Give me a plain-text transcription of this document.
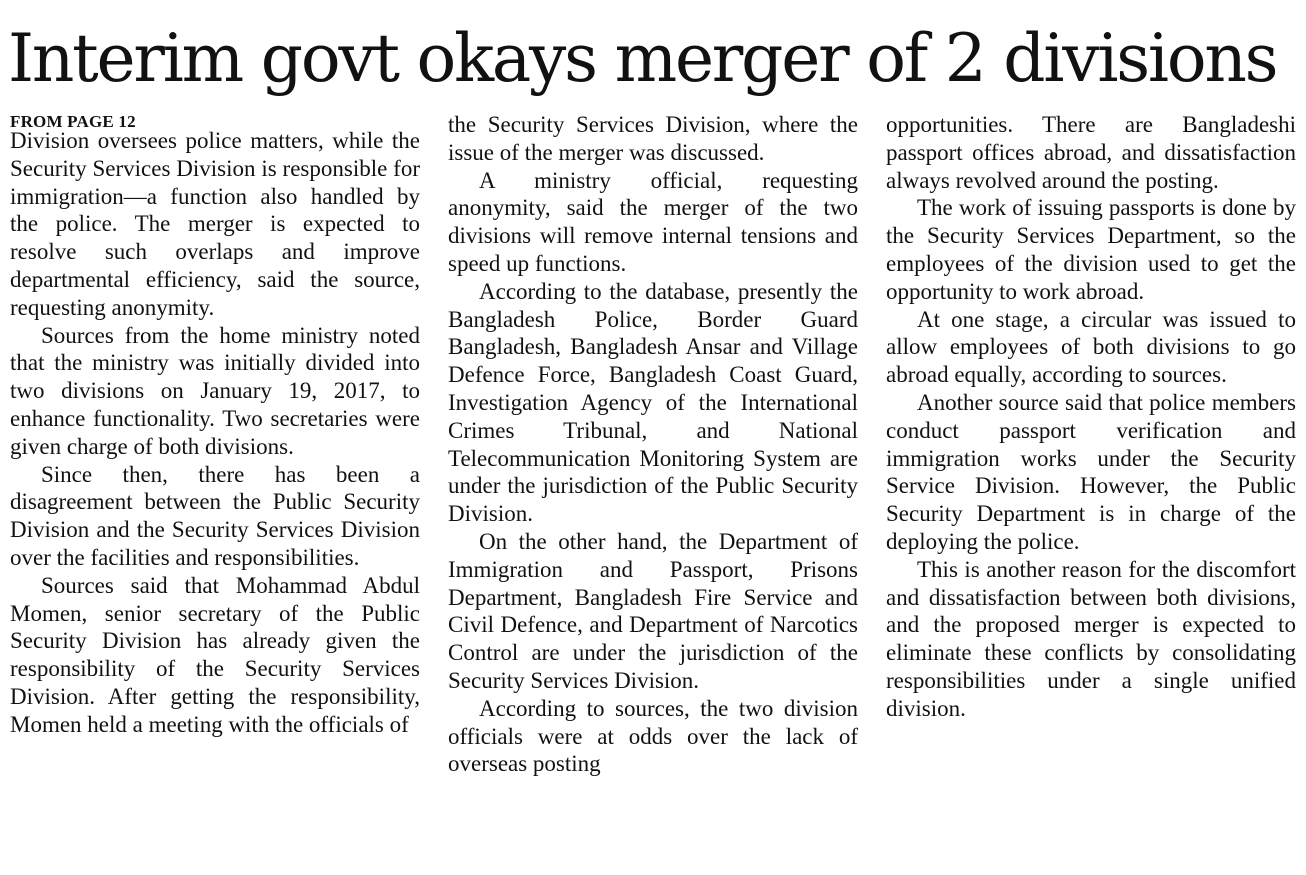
Interim govt okays merger of 2 divisions
FROM PAGE 12

Division oversees police matters, while the Security Services Division is responsible for immigration—a function also handled by the police. The merger is expected to resolve such overlaps and improve departmental efficiency, said the source, requesting anonymity.

Sources from the home ministry noted that the ministry was initially divided into two divisions on January 19, 2017, to enhance functionality. Two secretaries were given charge of both divisions.

Since then, there has been a disagreement between the Public Security Division and the Security Services Division over the facilities and responsibilities.

Sources said that Mohammad Abdul Momen, senior secretary of the Public Security Division has already given the responsibility of the Security Services Division. After getting the responsibility, Momen held a meeting with the officials of

the Security Services Division, where the issue of the merger was discussed.

A ministry official, requesting anonymity, said the merger of the two divisions will remove internal tensions and speed up functions.

According to the database, presently the Bangladesh Police, Border Guard Bangladesh, Bangladesh Ansar and Village Defence Force, Bangladesh Coast Guard, Investigation Agency of the International Crimes Tribunal, and National Telecommunication Monitoring System are under the jurisdiction of the Public Security Division.

On the other hand, the Department of Immigration and Passport, Prisons Department, Bangladesh Fire Service and Civil Defence, and Department of Narcotics Control are under the jurisdiction of the Security Services Division.

According to sources, the two division officials were at odds over the lack of overseas posting

opportunities. There are Bangladeshi passport offices abroad, and dissatisfaction always revolved around the posting.

The work of issuing passports is done by the Security Services Department, so the employees of the division used to get the opportunity to work abroad.

At one stage, a circular was issued to allow employees of both divisions to go abroad equally, according to sources.

Another source said that police members conduct passport verification and immigration works under the Security Service Division. However, the Public Security Department is in charge of the deploying the police.

This is another reason for the discomfort and dissatisfaction between both divisions, and the proposed merger is expected to eliminate these conflicts by consolidating responsibilities under a single unified division.
